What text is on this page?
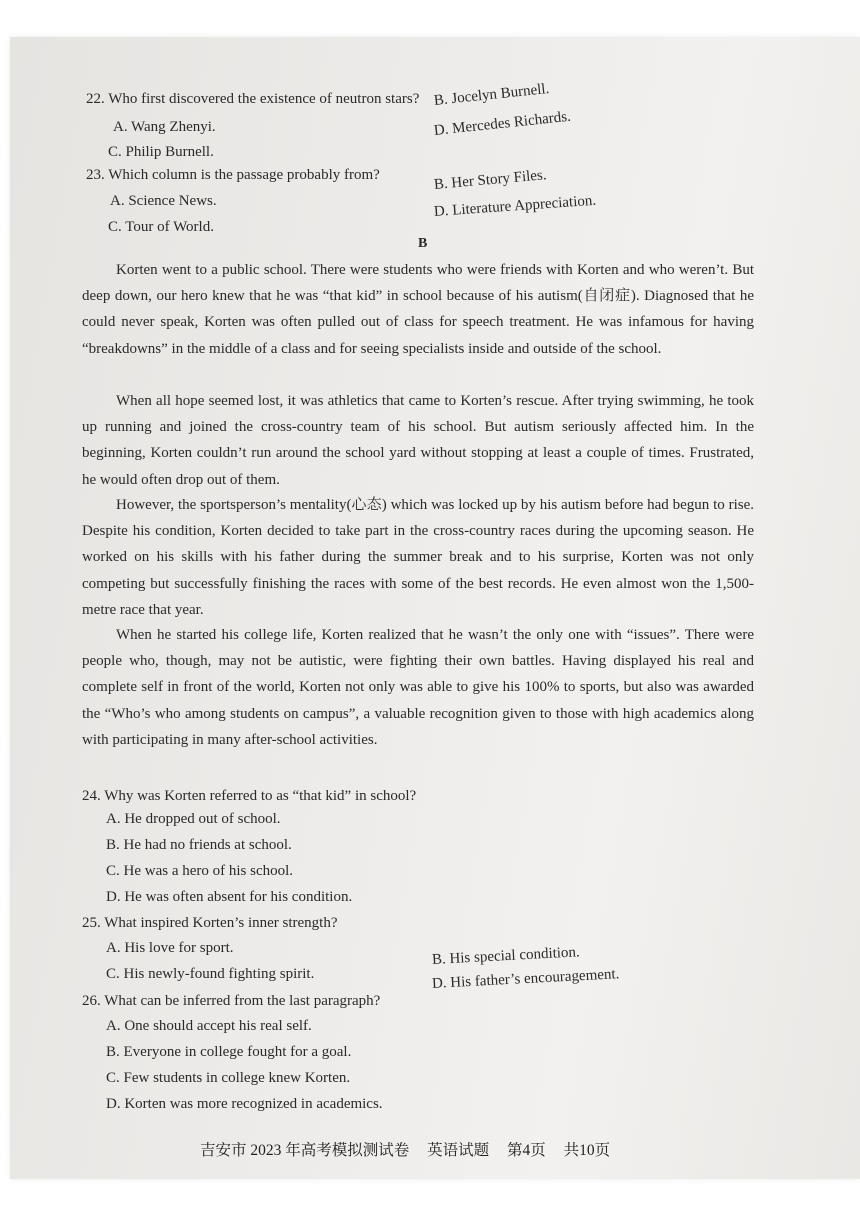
22. Who first discovered the existence of neutron stars?
A. Wang Zhenyi.
B. Jocelyn Burnell.
C. Philip Burnell.
D. Mercedes Richards.
23. Which column is the passage probably from?
A. Science News.
B. Her Story Files.
C. Tour of World.
D. Literature Appreciation.
B
Korten went to a public school. There were students who were friends with Korten and who weren’t. But deep down, our hero knew that he was “that kid” in school because of his autism(自闭症). Diagnosed that he could never speak, Korten was often pulled out of class for speech treatment. He was infamous for having “breakdowns” in the middle of a class and for seeing specialists inside and outside of the school.
When all hope seemed lost, it was athletics that came to Korten’s rescue. After trying swimming, he took up running and joined the cross-country team of his school. But autism seriously affected him. In the beginning, Korten couldn’t run around the school yard without stopping at least a couple of times. Frustrated, he would often drop out of them.
However, the sportsperson’s mentality(心态) which was locked up by his autism before had begun to rise. Despite his condition, Korten decided to take part in the cross-country races during the upcoming season. He worked on his skills with his father during the summer break and to his surprise, Korten was not only competing but successfully finishing the races with some of the best records. He even almost won the 1,500-metre race that year.
When he started his college life, Korten realized that he wasn’t the only one with “issues”. There were people who, though, may not be autistic, were fighting their own battles. Having displayed his real and complete self in front of the world, Korten not only was able to give his 100% to sports, but also was awarded the “Who’s who among students on campus”, a valuable recognition given to those with high academics along with participating in many after-school activities.
24. Why was Korten referred to as “that kid” in school?
A. He dropped out of school.
B. He had no friends at school.
C. He was a hero of his school.
D. He was often absent for his condition.
25. What inspired Korten’s inner strength?
A. His love for sport.	B. His special condition.
C. His newly-found fighting spirit.	D. His father’s encouragement.
26. What can be inferred from the last paragraph?
A. One should accept his real self.
B. Everyone in college fought for a goal.
C. Few students in college knew Korten.
D. Korten was more recognized in academics.
吉安市 2023 年高考模拟测试卷 英语试题 第4页 共10页
